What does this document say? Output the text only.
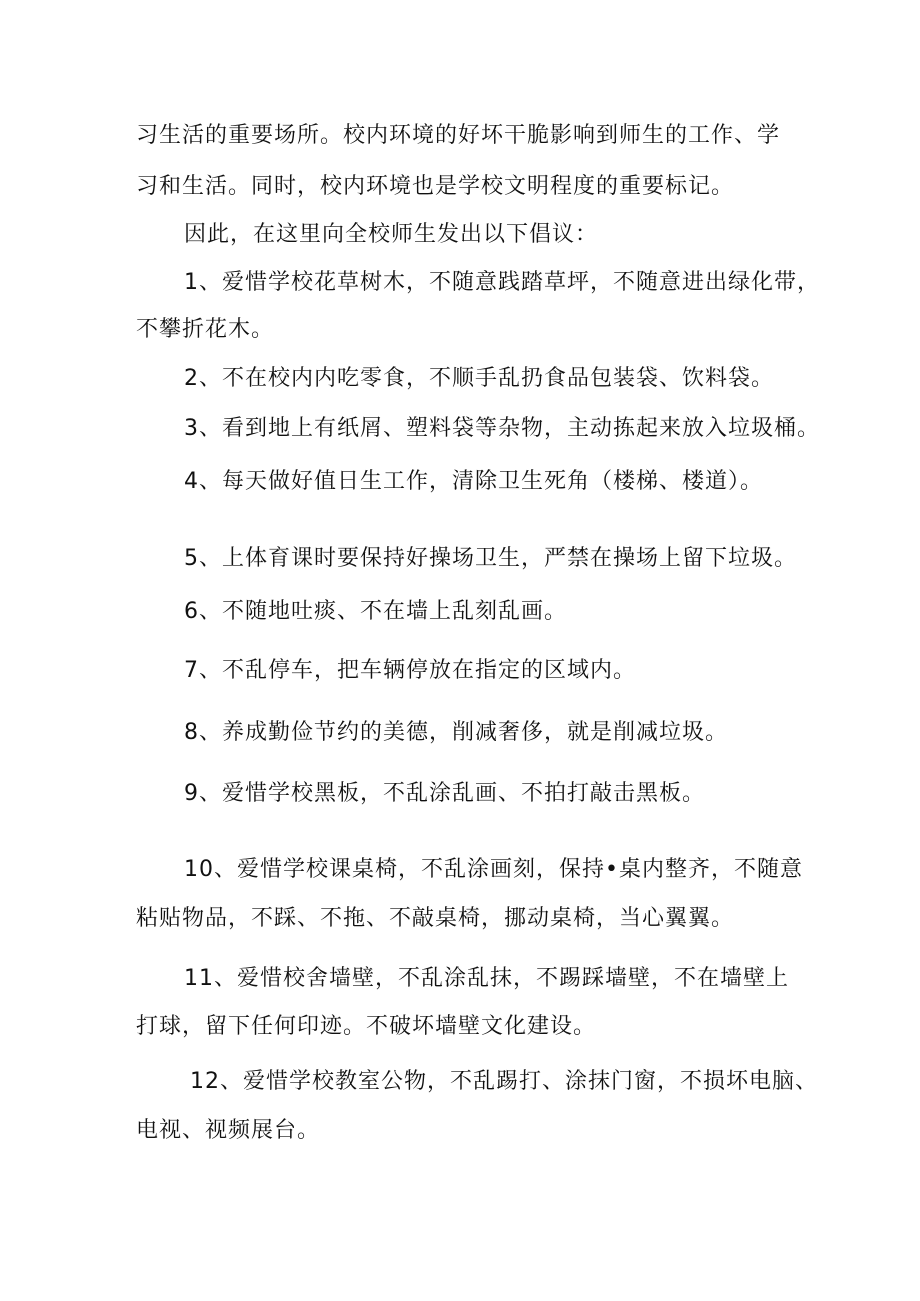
习生活的重要场所。校内环境的好坏干脆影响到师生的工作、学
习和生活。同时，校内环境也是学校文明程度的重要标记。
因此，在这里向全校师生发出以下倡议：
1、爱惜学校花草树木，不随意践踏草坪，不随意进出绿化带，
不攀折花木。
2、不在校内内吃零食，不顺手乱扔食品包装袋、饮料袋。
3、看到地上有纸屑、塑料袋等杂物，主动拣起来放入垃圾桶。
4、每天做好值日生工作，清除卫生死角（楼梯、楼道）。
5、上体育课时要保持好操场卫生，严禁在操场上留下垃圾。
6、不随地吐痰、不在墙上乱刻乱画。
7、不乱停车，把车辆停放在指定的区域内。
8、养成勤俭节约的美德，削减奢侈，就是削减垃圾。
9、爱惜学校黑板，不乱涂乱画、不拍打敲击黑板。
10、爱惜学校课桌椅，不乱涂画刻，保持•桌内整齐，不随意
粘贴物品，不踩、不拖、不敲桌椅，挪动桌椅，当心翼翼。
11、爱惜校舍墙壁，不乱涂乱抹，不踢踩墙壁，不在墙壁上
打球，留下任何印迹。不破坏墙壁文化建设。
12、爱惜学校教室公物，不乱踢打、涂抹门窗，不损坏电脑、
电视、视频展台。
